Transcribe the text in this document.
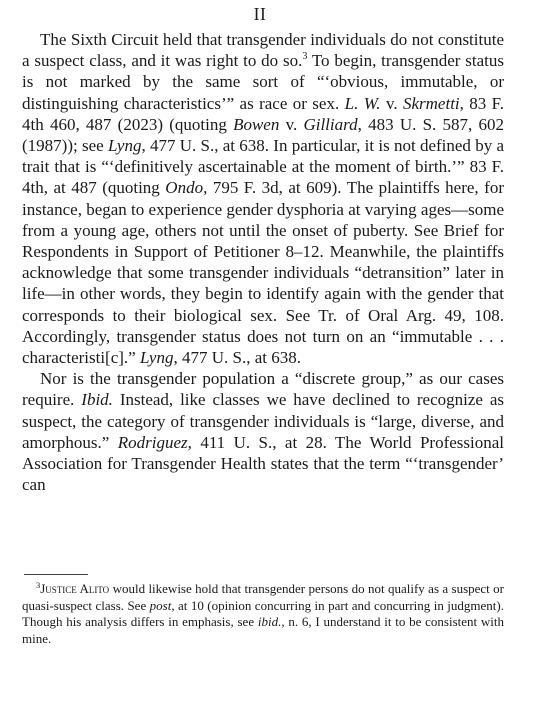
II

The Sixth Circuit held that transgender individuals do not constitute a suspect class, and it was right to do so.$^3$ To begin, transgender status is not marked by the same sort of “‘obvious, immutable, or distinguishing characteristics’” as race or sex. L. W. v. Skrmetti, 83 F. 4th 460, 487 (2023) (quoting Bowen v. Gilliard, 483 U. S. 587, 602 (1987)); see Lyng, 477 U. S., at 638. In particular, it is not defined by a trait that is “‘definitively ascertainable at the moment of birth.’” 83 F. 4th, at 487 (quoting Ondo, 795 F. 3d, at 609). The plaintiffs here, for instance, began to experience gender dysphoria at varying ages—some from a young age, others not until the onset of puberty. See Brief for Respondents in Support of Petitioner 8–12. Meanwhile, the plaintiffs acknowledge that some transgender individuals “detransition” later in life—in other words, they begin to identify again with the gender that corresponds to their biological sex. See Tr. of Oral Arg. 49, 108. Accordingly, transgender status does not turn on an “immutable . . . characteristi[c].” Lyng, 477 U. S., at 638.

Nor is the transgender population a “discrete group,” as our cases require. Ibid. Instead, like classes we have declined to recognize as suspect, the category of transgender individuals is “large, diverse, and amorphous.” Rodriguez, 411 U. S., at 28. The World Professional Association for Transgender Health states that the term “‘transgender’ can

$^3$Justice Alito would likewise hold that transgender persons do not qualify as a suspect or quasi-suspect class. See post, at 10 (opinion concurring in part and concurring in judgment). Though his analysis differs in emphasis, see ibid., n. 6, I understand it to be consistent with mine.
